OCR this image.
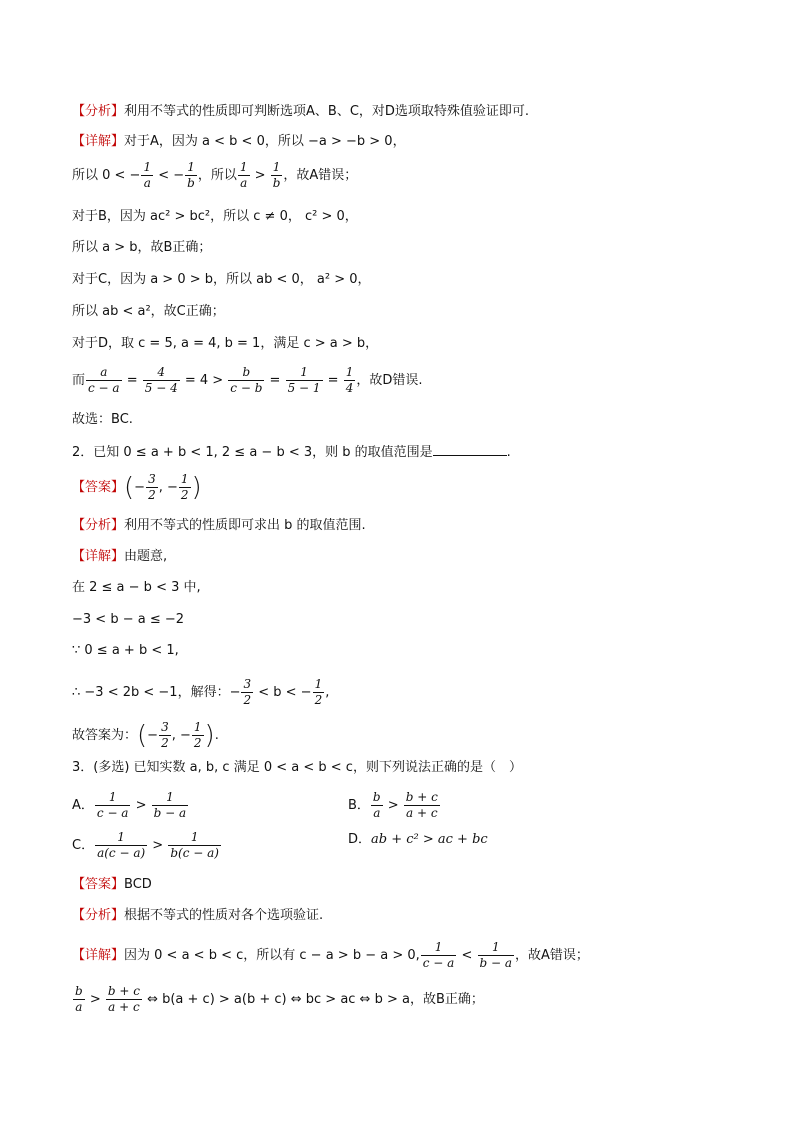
【分析】利用不等式的性质即可判断选项A、B、C，对D选项取特殊值验证即可.
【详解】对于A，因为 a < b < 0，所以 −a > −b > 0，
所以 0 < − $\frac{1}{a}$ < − $\frac{1}{b}$ ，所以 $\frac{1}{a} > \frac{1}{b}$ ，故A错误；
对于B，因为 ac² > bc²，所以 c ≠ 0， c² > 0，
所以 a > b，故B正确；
对于C，因为 a > 0 > b，所以 ab < 0， a² > 0，
所以 ab < a²，故C正确；
对于D，取 c = 5, a = 4, b = 1，满足 c > a > b，
而 $\frac{a}{c - a} = \frac{4}{5 - 4} = 4 > \frac{b}{c - b} = \frac{1}{5 - 1} = \frac{1}{4}$ ，故D错误.
故选：BC.
2．已知 0 ≤ a + b < 1, 2 ≤ a − b < 3，则 b 的取值范围是	.
【答案】(− $\frac{3}{2}$ , − $\frac{1}{2}$ )
【分析】利用不等式的性质即可求出 b 的取值范围.
【详解】由题意,
在 2 ≤ a − b < 3 中,
−3 < b − a ≤ −2
∵ 0 ≤ a + b < 1,
∴ −3 < 2b < −1，解得：− $\frac{3}{2} < b$ < − $\frac{1}{2}$ ,
故答案为：(− $\frac{3}{2}$ , − $\frac{1}{2}$ ).
3．(多选) 已知实数 a, b, c 满足 0 < a < b < c，则下列说法正确的是（　）
A． $\frac{1}{c - a} > \frac{1}{b - a}$	B． $\frac{b}{a} > \frac{b + c}{a + c}$
C． $\frac{1}{a(c - a)} > \frac{1}{b(c - a)}$	D．ab + c² > ac + bc
【答案】BCD
【分析】根据不等式的性质对各个选项验证.
【详解】因为 0 < a < b < c，所以有 c − a > b − a > 0, $\frac{1}{c - a} < \frac{1}{b - a}$ ，故A错误；
$\frac{b}{a} > \frac{b + c}{a + c}$ ⇔ b(a + c) > a(b + c) ⇔ bc > ac ⇔ b > a，故B正确；
